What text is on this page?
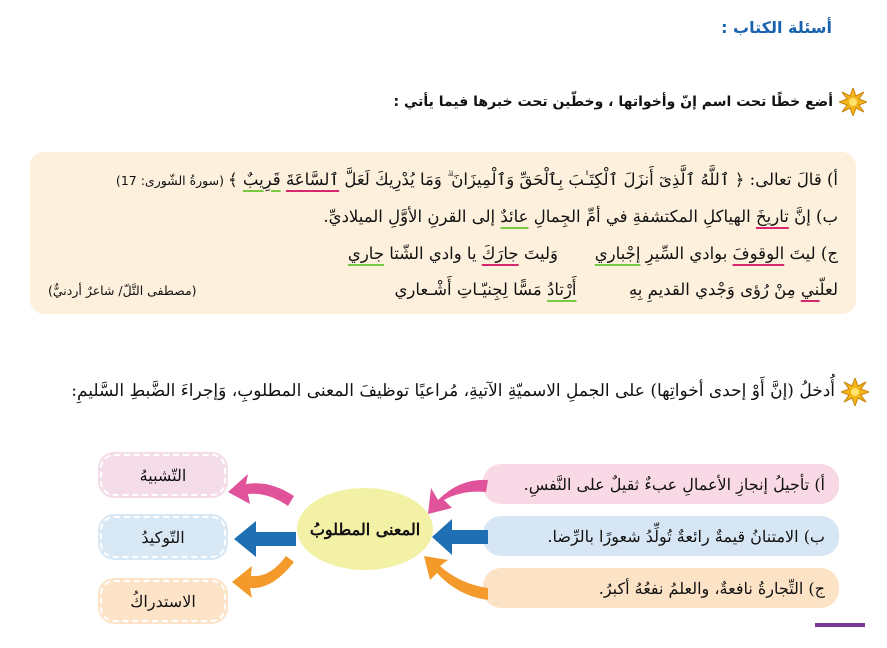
أسئلة الكتاب :
أضع خطًا تحت اسم إنّ وأخواتها ، وخطّين تحت خبرها فيما يأتي :
أ) قالَ تعالى: ﴿ ٱللَّهُ ٱلَّذِىٓ أَنزَلَ ٱلْكِتَـٰبَ بِٱلْحَقِّ وَٱلْمِيزَانَ ۗ وَمَا يُدْرِيكَ لَعَلَّ ٱلسَّاعَةَ قَرِيبٌ ﴾ (سورةُ الشّورى: 17)
ب) إنَّ تاريخَ الهياكلِ المكتشفةِ في أمِّ الجِمالِ عائدٌ إلى القرنِ الأوَّلِ الميلاديِّ.
ج) ليتَ الوقوفَ بوادي السِّيرِ إجْباري       وَليتَ جارَكَ يا وادي الشّتا جاري
لعلّني مِنْ رُؤى وَجْدي القديمِ بِهِ          أَرْتادُ مَسًّا لِجِنيّـاتِ أَشْـعاري
(مصطفى التَّلّ/ شاعرٌ أردنيٌّ)
أُدخلُ (إنَّ أَوْ إحدى أخواتِها) على الجملِ الاسميّةِ الآتيةِ، مُراعيًا توظيفَ المعنى المطلوبِ، وَإجراءَ الضَّبطِ السَّليمِ:
أ) تأجيلُ إنجازِ الأعمالِ عبءٌ ثقيلٌ على النَّفسِ.
ب) الامتنانُ قيمةٌ رائعةٌ تُولِّدُ شعورًا بالرِّضا.
ج) التِّجارةُ نافعةٌ، والعلمُ نفعُهُ أكبرُ.
المعنى المطلوبُ
التّشبيهُ
التّوكيدُ
الاستدراكُ
